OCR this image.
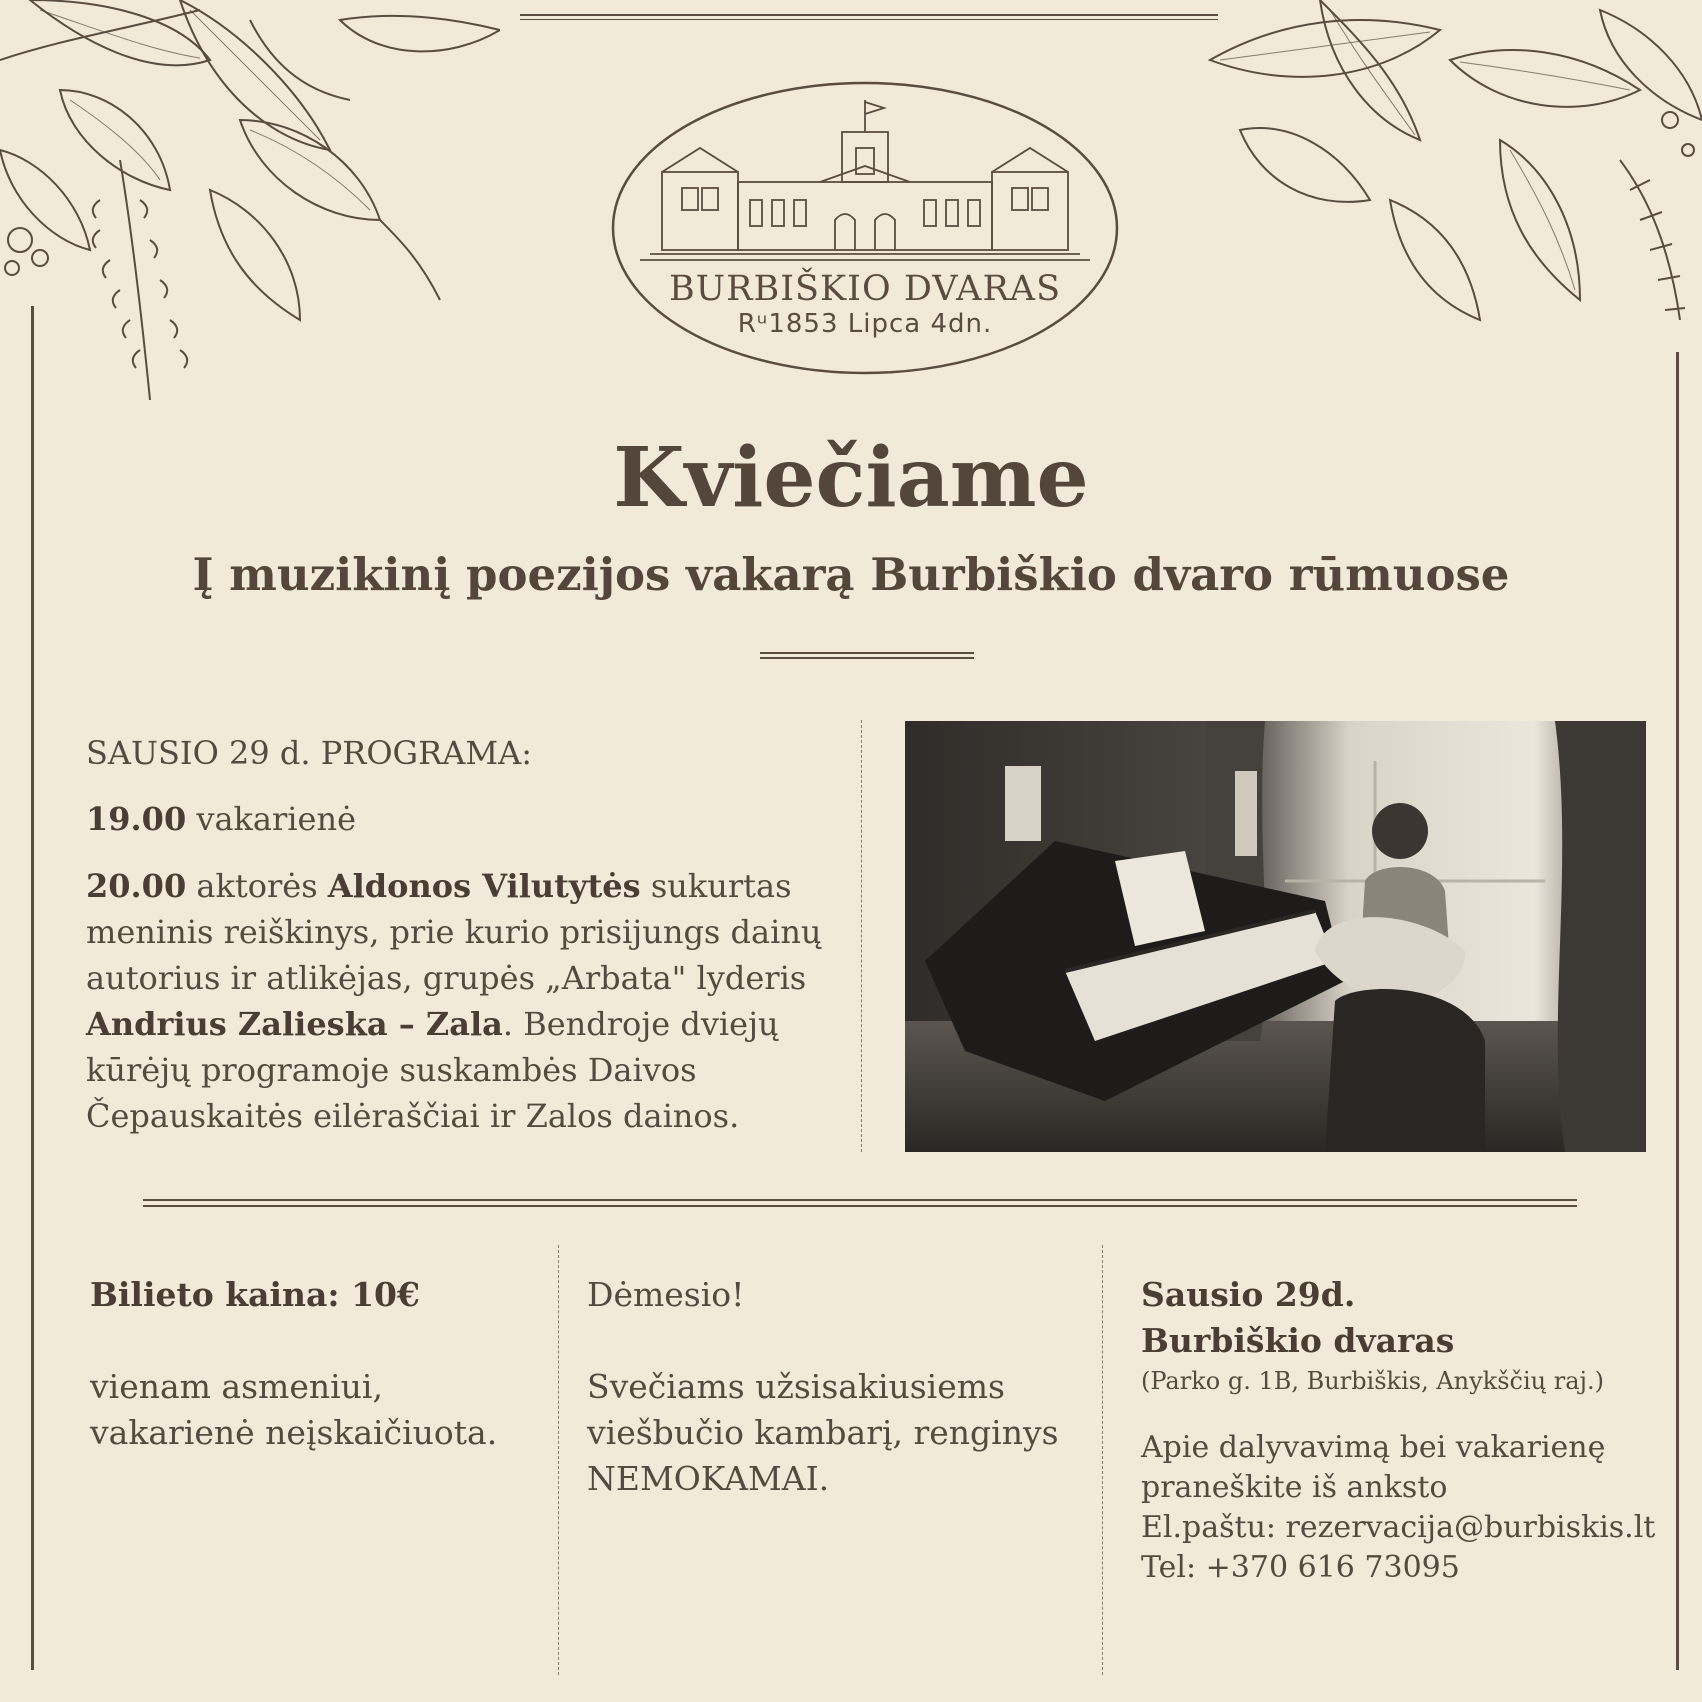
BURBIŠKIO DVARAS
Rᵘ1853 Lipca 4dn.
Kviečiame
Į muzikinį poezijos vakarą Burbiškio dvaro rūmuose
SAUSIO 29 d. PROGRAMA:
19.00 vakarienė
20.00 aktorės Aldonos Vilutytės sukurtas meninis reiškinys, prie kurio prisijungs dainų autorius ir atlikėjas, grupės „Arbata" lyderis Andrius Zalieska – Zala. Bendroje dviejų kūrėjų programoje suskambės Daivos Čepauskaitės eilėraščiai ir Zalos dainos.
Bilieto kaina: 10€
vienam asmeniui,
vakarienė neįskaičiuota.
Dėmesio!
Svečiams užsisakiusiems viešbučio kambarį, renginys NEMOKAMAI.
Sausio 29d.
Burbiškio dvaras
(Parko g. 1B, Burbiškis, Anykščių raj.)
Apie dalyvavimą bei vakarienę
praneškite iš anksto
El.paštu: rezervacija@burbiskis.lt
Tel: +370 616 73095
